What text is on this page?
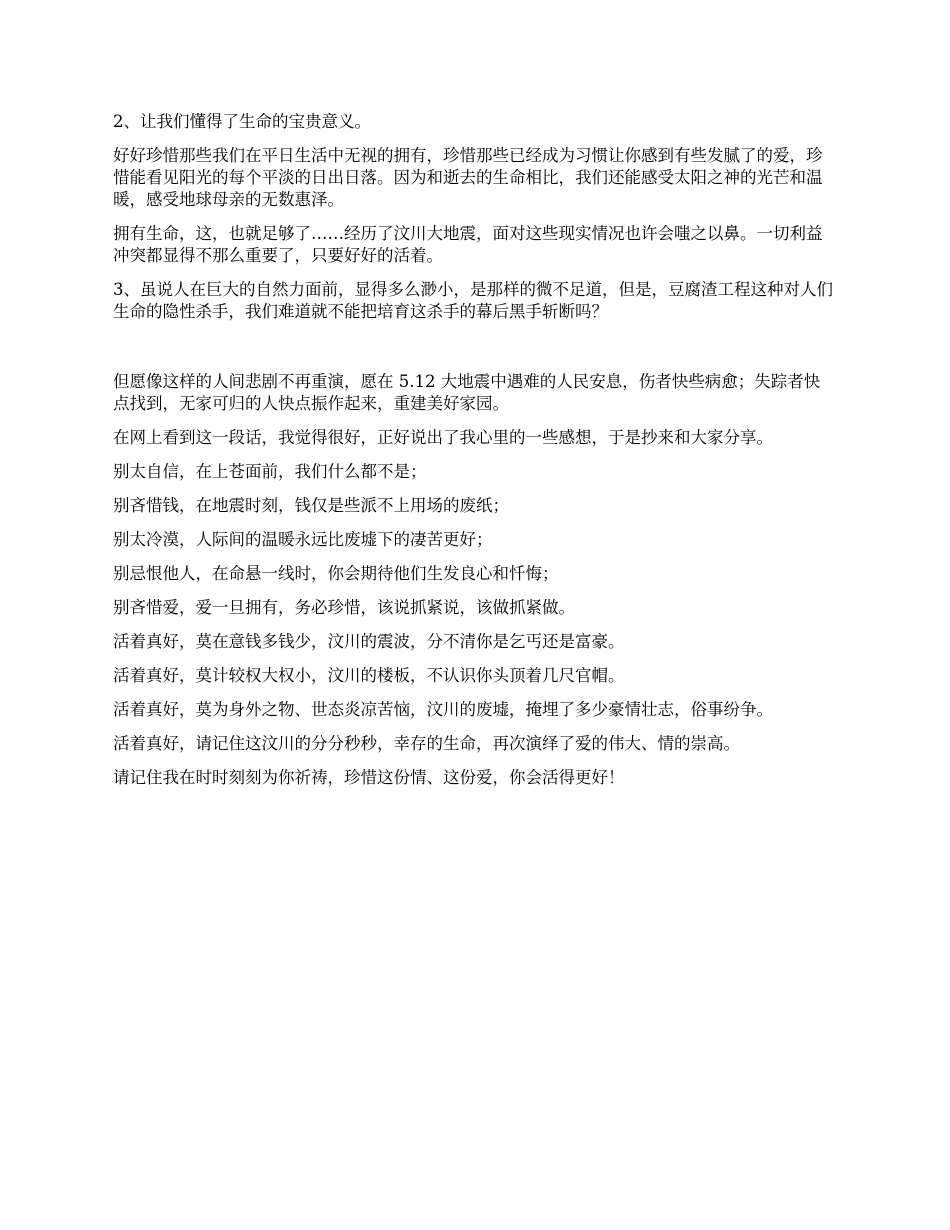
2、让我们懂得了生命的宝贵意义。

好好珍惜那些我们在平日生活中无视的拥有，珍惜那些已经成为习惯让你感到有些发腻了的爱，珍惜能看见阳光的每个平淡的日出日落。因为和逝去的生命相比，我们还能感受太阳之神的光芒和温暖，感受地球母亲的无数惠泽。

拥有生命，这，也就足够了……经历了汶川大地震，面对这些现实情况也许会嗤之以鼻。一切利益冲突都显得不那么重要了，只要好好的活着。

3、虽说人在巨大的自然力面前，显得多么渺小，是那样的微不足道，但是，豆腐渣工程这种对人们生命的隐性杀手，我们难道就不能把培育这杀手的幕后黑手斩断吗？

但愿像这样的人间悲剧不再重演，愿在 5.12 大地震中遇难的人民安息，伤者快些病愈；失踪者快点找到，无家可归的人快点振作起来，重建美好家园。

在网上看到这一段话，我觉得很好，正好说出了我心里的一些感想，于是抄来和大家分享。

别太自信，在上苍面前，我们什么都不是；

别吝惜钱，在地震时刻，钱仅是些派不上用场的废纸；

别太冷漠，人际间的温暖永远比废墟下的凄苦更好；

别忌恨他人，在命悬一线时，你会期待他们生发良心和忏悔；

别吝惜爱，爱一旦拥有，务必珍惜，该说抓紧说，该做抓紧做。

活着真好，莫在意钱多钱少，汶川的震波，分不清你是乞丐还是富豪。

活着真好，莫计较权大权小，汶川的楼板，不认识你头顶着几尺官帽。

活着真好，莫为身外之物、世态炎凉苦恼，汶川的废墟，掩埋了多少豪情壮志，俗事纷争。

活着真好，请记住这汶川的分分秒秒，幸存的生命，再次演绎了爱的伟大、情的崇高。

请记住我在时时刻刻为你祈祷，珍惜这份情、这份爱，你会活得更好！
